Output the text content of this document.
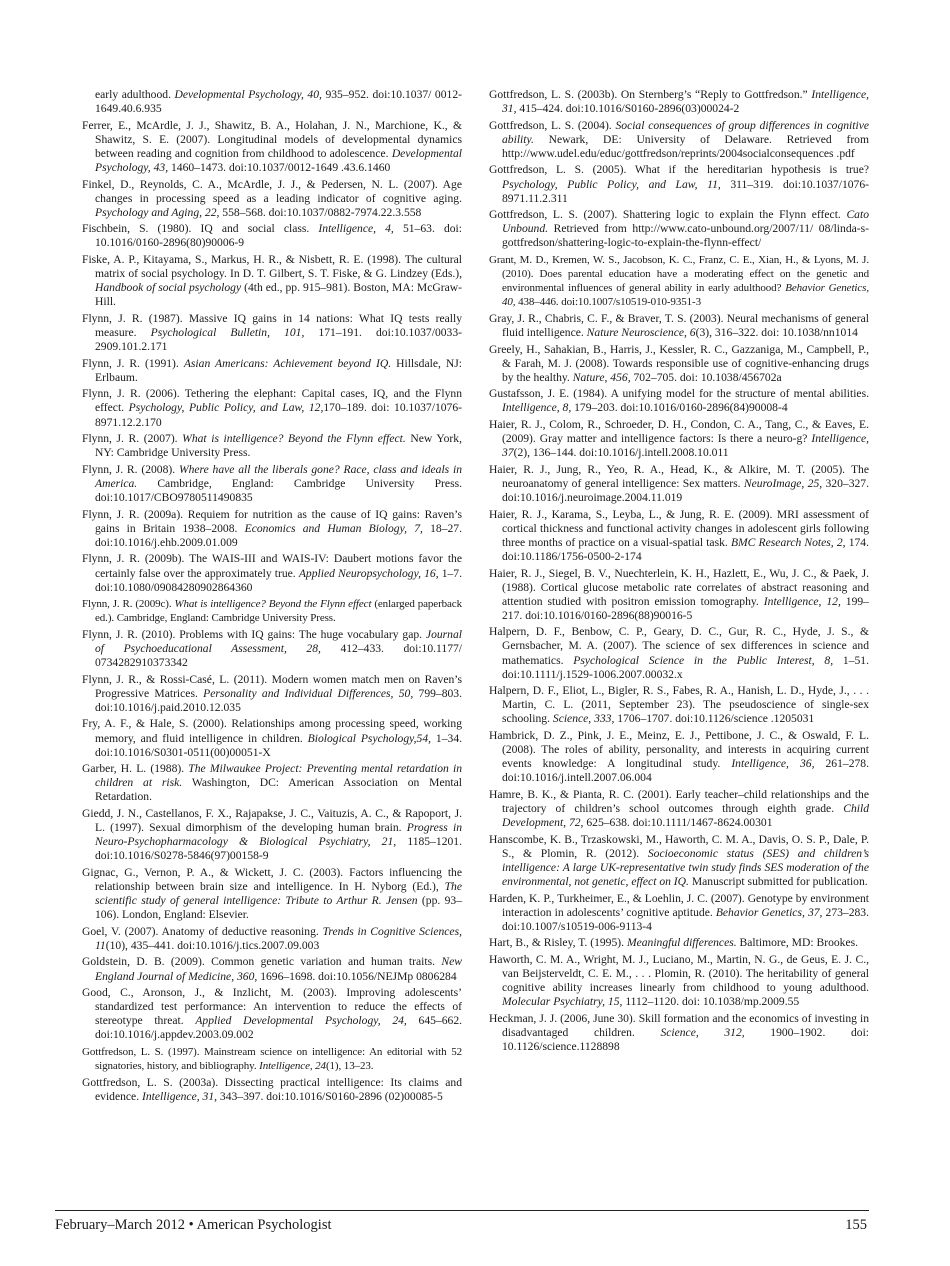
early adulthood. Developmental Psychology, 40, 935–952. doi:10.1037/ 0012-1649.40.6.935

Ferrer, E., McArdle, J. J., Shawitz, B. A., Holahan, J. N., Marchione, K., & Shawitz, S. E. (2007). Longitudinal models of developmental dynamics between reading and cognition from childhood to adolescence. Developmental Psychology, 43, 1460–1473. doi:10.1037/0012-1649 .43.6.1460

Finkel, D., Reynolds, C. A., McArdle, J. J., & Pedersen, N. L. (2007). Age changes in processing speed as a leading indicator of cognitive aging. Psychology and Aging, 22, 558–568. doi:10.1037/0882-7974.22.3.558

Fischbein, S. (1980). IQ and social class. Intelligence, 4, 51–63. doi: 10.1016/0160-2896(80)90006-9

Fiske, A. P., Kitayama, S., Markus, H. R., & Nisbett, R. E. (1998). The cultural matrix of social psychology. In D. T. Gilbert, S. T. Fiske, & G. Lindzey (Eds.), Handbook of social psychology (4th ed., pp. 915–981). Boston, MA: McGraw-Hill.

Flynn, J. R. (1987). Massive IQ gains in 14 nations: What IQ tests really measure. Psychological Bulletin, 101, 171–191. doi:10.1037/0033-2909.101.2.171

Flynn, J. R. (1991). Asian Americans: Achievement beyond IQ. Hillsdale, NJ: Erlbaum.

Flynn, J. R. (2006). Tethering the elephant: Capital cases, IQ, and the Flynn effect. Psychology, Public Policy, and Law, 12,170–189. doi: 10.1037/1076-8971.12.2.170

Flynn, J. R. (2007). What is intelligence? Beyond the Flynn effect. New York, NY: Cambridge University Press.

Flynn, J. R. (2008). Where have all the liberals gone? Race, class and ideals in America. Cambridge, England: Cambridge University Press. doi:10.1017/CBO9780511490835

Flynn, J. R. (2009a). Requiem for nutrition as the cause of IQ gains: Raven’s gains in Britain 1938–2008. Economics and Human Biology, 7, 18–27. doi:10.1016/j.ehb.2009.01.009

Flynn, J. R. (2009b). The WAIS-III and WAIS-IV: Daubert motions favor the certainly false over the approximately true. Applied Neuropsychology, 16, 1–7. doi:10.1080/09084280902864360

Flynn, J. R. (2009c). What is intelligence? Beyond the Flynn effect (enlarged paperback ed.). Cambridge, England: Cambridge University Press.

Flynn, J. R. (2010). Problems with IQ gains: The huge vocabulary gap. Journal of Psychoeducational Assessment, 28, 412–433. doi:10.1177/ 0734282910373342

Flynn, J. R., & Rossi-Casé, L. (2011). Modern women match men on Raven’s Progressive Matrices. Personality and Individual Differences, 50, 799–803. doi:10.1016/j.paid.2010.12.035

Fry, A. F., & Hale, S. (2000). Relationships among processing speed, working memory, and fluid intelligence in children. Biological Psychology,54, 1–34. doi:10.1016/S0301-0511(00)00051-X

Garber, H. L. (1988). The Milwaukee Project: Preventing mental retardation in children at risk. Washington, DC: American Association on Mental Retardation.

Giedd, J. N., Castellanos, F. X., Rajapakse, J. C., Vaituzis, A. C., & Rapoport, J. L. (1997). Sexual dimorphism of the developing human brain. Progress in Neuro-Psychopharmacology & Biological Psychiatry, 21, 1185–1201. doi:10.1016/S0278-5846(97)00158-9

Gignac, G., Vernon, P. A., & Wickett, J. C. (2003). Factors influencing the relationship between brain size and intelligence. In H. Nyborg (Ed.), The scientific study of general intelligence: Tribute to Arthur R. Jensen (pp. 93–106). London, England: Elsevier.

Goel, V. (2007). Anatomy of deductive reasoning. Trends in Cognitive Sciences, 11(10), 435–441. doi:10.1016/j.tics.2007.09.003

Goldstein, D. B. (2009). Common genetic variation and human traits. New England Journal of Medicine, 360, 1696–1698. doi:10.1056/NEJMp 0806284

Good, C., Aronson, J., & Inzlicht, M. (2003). Improving adolescents’ standardized test performance: An intervention to reduce the effects of stereotype threat. Applied Developmental Psychology, 24, 645–662. doi:10.1016/j.appdev.2003.09.002

Gottfredson, L. S. (1997). Mainstream science on intelligence: An editorial with 52 signatories, history, and bibliography. Intelligence, 24(1), 13–23.

Gottfredson, L. S. (2003a). Dissecting practical intelligence: Its claims and evidence. Intelligence, 31, 343–397. doi:10.1016/S0160-2896 (02)00085-5

Gottfredson, L. S. (2003b). On Sternberg’s “Reply to Gottfredson.” Intelligence, 31, 415–424. doi:10.1016/S0160-2896(03)00024-2

Gottfredson, L. S. (2004). Social consequences of group differences in cognitive ability. Newark, DE: University of Delaware. Retrieved from http://www.udel.edu/educ/gottfredson/reprints/2004socialconsequences .pdf

Gottfredson, L. S. (2005). What if the hereditarian hypothesis is true? Psychology, Public Policy, and Law, 11, 311–319. doi:10.1037/1076-8971.11.2.311

Gottfredson, L. S. (2007). Shattering logic to explain the Flynn effect. Cato Unbound. Retrieved from http://www.cato-unbound.org/2007/11/ 08/linda-s-gottfredson/shattering-logic-to-explain-the-flynn-effect/

Grant, M. D., Kremen, W. S., Jacobson, K. C., Franz, C. E., Xian, H., & Lyons, M. J. (2010). Does parental education have a moderating effect on the genetic and environmental influences of general ability in early adulthood? Behavior Genetics, 40, 438–446. doi:10.1007/s10519-010-9351-3

Gray, J. R., Chabris, C. F., & Braver, T. S. (2003). Neural mechanisms of general fluid intelligence. Nature Neuroscience, 6(3), 316–322. doi: 10.1038/nn1014

Greely, H., Sahakian, B., Harris, J., Kessler, R. C., Gazzaniga, M., Campbell, P., & Farah, M. J. (2008). Towards responsible use of cognitive-enhancing drugs by the healthy. Nature, 456, 702–705. doi: 10.1038/456702a

Gustafsson, J. E. (1984). A unifying model for the structure of mental abilities. Intelligence, 8, 179–203. doi:10.1016/0160-2896(84)90008-4

Haier, R. J., Colom, R., Schroeder, D. H., Condon, C. A., Tang, C., & Eaves, E. (2009). Gray matter and intelligence factors: Is there a neuro-g? Intelligence, 37(2), 136–144. doi:10.1016/j.intell.2008.10.011

Haier, R. J., Jung, R., Yeo, R. A., Head, K., & Alkire, M. T. (2005). The neuroanatomy of general intelligence: Sex matters. NeuroImage, 25, 320–327. doi:10.1016/j.neuroimage.2004.11.019

Haier, R. J., Karama, S., Leyba, L., & Jung, R. E. (2009). MRI assessment of cortical thickness and functional activity changes in adolescent girls following three months of practice on a visual-spatial task. BMC Research Notes, 2, 174. doi:10.1186/1756-0500-2-174

Haier, R. J., Siegel, B. V., Nuechterlein, K. H., Hazlett, E., Wu, J. C., & Paek, J. (1988). Cortical glucose metabolic rate correlates of abstract reasoning and attention studied with positron emission tomography. Intelligence, 12, 199–217. doi:10.1016/0160-2896(88)90016-5

Halpern, D. F., Benbow, C. P., Geary, D. C., Gur, R. C., Hyde, J. S., & Gernsbacher, M. A. (2007). The science of sex differences in science and mathematics. Psychological Science in the Public Interest, 8, 1–51. doi:10.1111/j.1529-1006.2007.00032.x

Halpern, D. F., Eliot, L., Bigler, R. S., Fabes, R. A., Hanish, L. D., Hyde, J., . . . Martin, C. L. (2011, September 23). The pseudoscience of single-sex schooling. Science, 333, 1706–1707. doi:10.1126/science .1205031

Hambrick, D. Z., Pink, J. E., Meinz, E. J., Pettibone, J. C., & Oswald, F. L. (2008). The roles of ability, personality, and interests in acquiring current events knowledge: A longitudinal study. Intelligence, 36, 261–278. doi:10.1016/j.intell.2007.06.004

Hamre, B. K., & Pianta, R. C. (2001). Early teacher–child relationships and the trajectory of children’s school outcomes through eighth grade. Child Development, 72, 625–638. doi:10.1111/1467-8624.00301

Hanscombe, K. B., Trzaskowski, M., Haworth, C. M. A., Davis, O. S. P., Dale, P. S., & Plomin, R. (2012). Socioeconomic status (SES) and children’s intelligence: A large UK-representative twin study finds SES moderation of the environmental, not genetic, effect on IQ. Manuscript submitted for publication.

Harden, K. P., Turkheimer, E., & Loehlin, J. C. (2007). Genotype by environment interaction in adolescents’ cognitive aptitude. Behavior Genetics, 37, 273–283. doi:10.1007/s10519-006-9113-4

Hart, B., & Risley, T. (1995). Meaningful differences. Baltimore, MD: Brookes.

Haworth, C. M. A., Wright, M. J., Luciano, M., Martin, N. G., de Geus, E. J. C., van Beijsterveldt, C. E. M., . . . Plomin, R. (2010). The heritability of general cognitive ability increases linearly from childhood to young adulthood. Molecular Psychiatry, 15, 1112–1120. doi: 10.1038/mp.2009.55

Heckman, J. J. (2006, June 30). Skill formation and the economics of investing in disadvantaged children. Science, 312, 1900–1902. doi: 10.1126/science.1128898

February–March 2012 • American Psychologist	155
